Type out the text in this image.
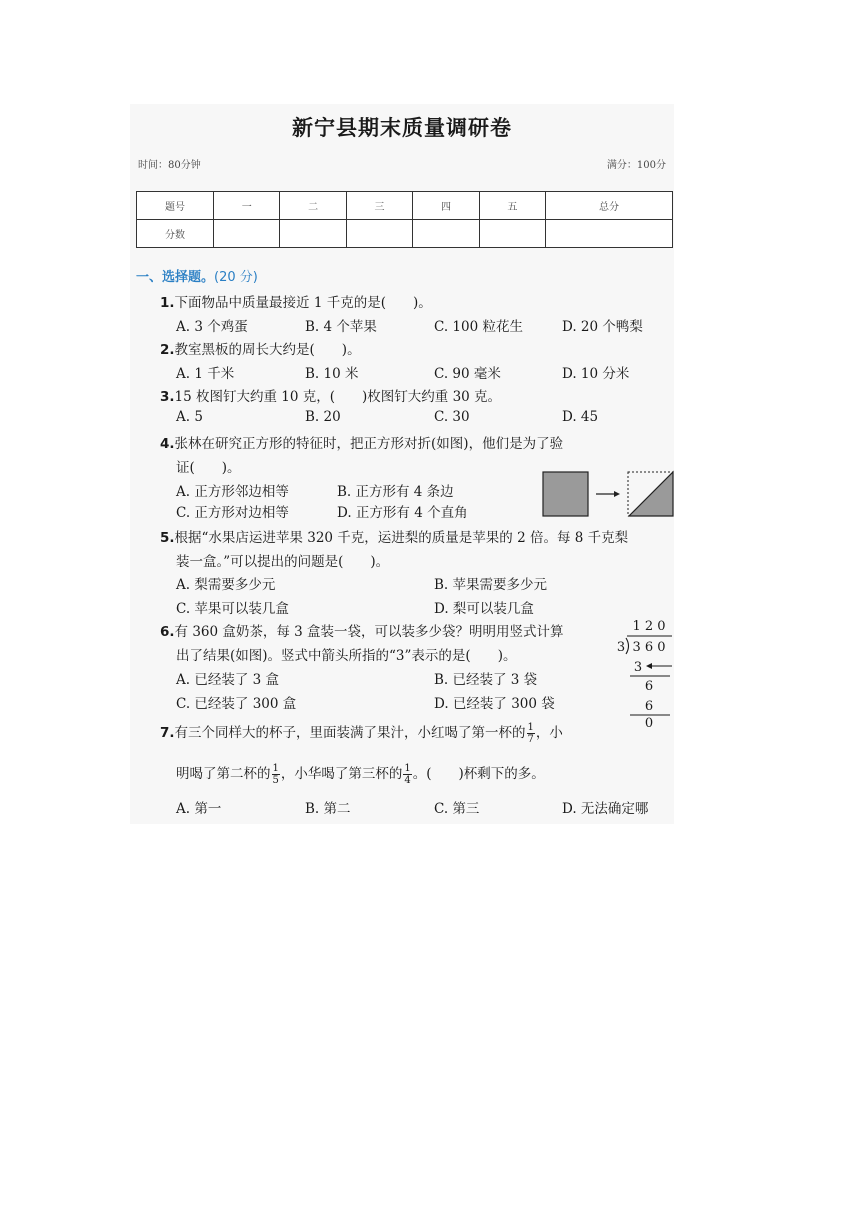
新宁县期末质量调研卷
时间：80分钟	满分：100分
题号	一	二	三	四	五	总分
分数						
一、选择题。(20 分)
1.下面物品中质量最接近 1 千克的是(　　)。
A. 3 个鸡蛋	B. 4 个苹果	C. 100 粒花生	D. 20 个鸭梨
2.教室黑板的周长大约是(　　)。
A. 1 千米	B. 10 米	C. 90 毫米	D. 10 分米
3.15 枚图钉大约重 10 克，(　　)枚图钉大约重 30 克。
A. 5	B. 20	C. 30	D. 45
4.张林在研究正方形的特征时，把正方形对折(如图)，他们是为了验
证(　　)。
A. 正方形邻边相等	B. 正方形有 4 条边
C. 正方形对边相等	D. 正方形有 4 个直角
5.根据“水果店运进苹果 320 千克，运进梨的质量是苹果的 2 倍。每 8 千克梨
装一盒。”可以提出的问题是(　　)。
A. 梨需要多少元	B. 苹果需要多少元
C. 苹果可以装几盒	D. 梨可以装几盒
6.有 360 盒奶茶，每 3 盒装一袋，可以装多少袋？明明用竖式计算
出了结果(如图)。竖式中箭头所指的“3”表示的是(　　)。
A. 已经装了 3 盒	B. 已经装了 3 袋
C. 已经装了 300 盒	D. 已经装了 300 袋
1 2 0
3 3 6 0
3
6
6
0
7.有三个同样大的杯子，里面装满了果汁，小红喝了第一杯的 $\frac{1}{7}$ ，小
明喝了第二杯的 $\frac{1}{5}$ ，小华喝了第三杯的 $\frac{1}{4}$ 。(　　)杯剩下的多。
A. 第一	B. 第二	C. 第三	D. 无法确定哪
